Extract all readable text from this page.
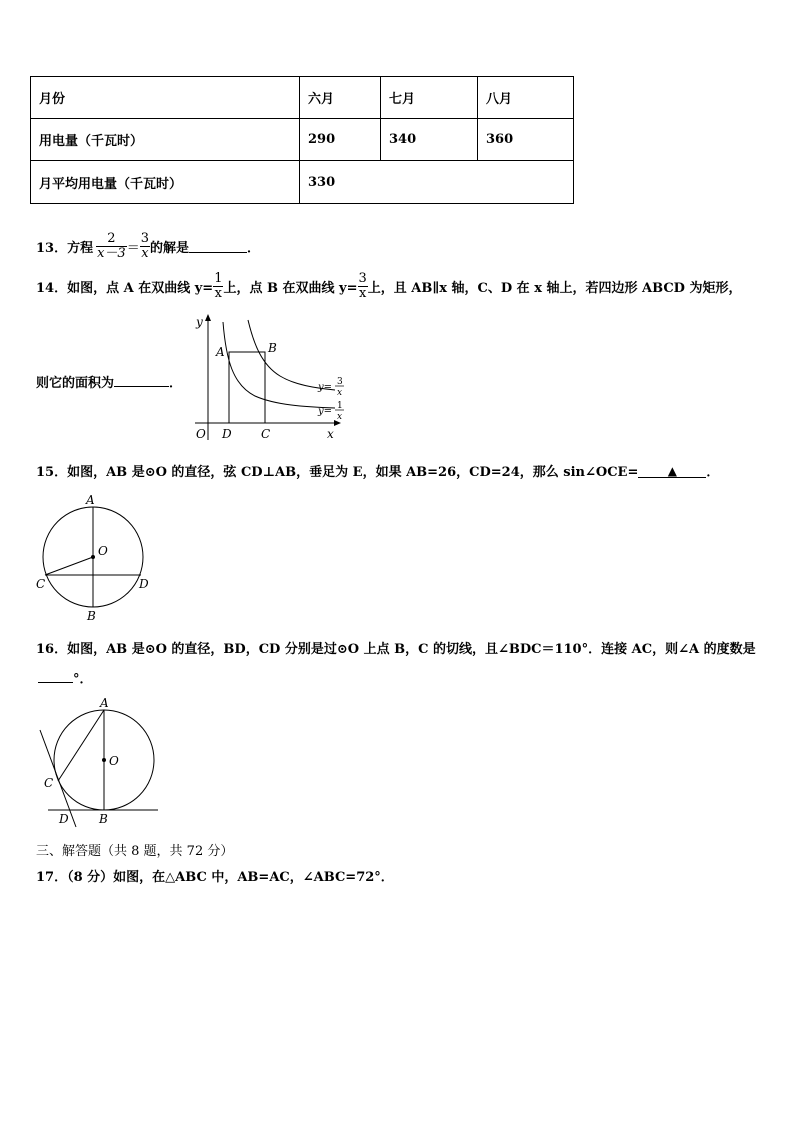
月份	六月	七月	八月
用电量（千瓦时）	290	340	360
月平均用电量（千瓦时）	330
13．方程 $\frac{2}{x-3} = \frac{3}{x}$ 的解是	．
14．如图，点 A 在双曲线 $y= \frac{1}{x}$ 上，点 B 在双曲线 $y= \frac{3}{x}$ 上，且 AB∥x 轴，C、D 在 x 轴上，若四边形 ABCD 为矩形，
则它的面积为	．
y
x
O
A	B
D C
y= 3
x
y= 1
x
15．如图，AB 是⊙O 的直径，弦 CD⊥AB，垂足为 E，如果 AB=26，CD=24，那么 sin∠OCE= ▲ ．
A
B
C	D
O
16．如图，AB 是⊙O 的直径，BD，CD 分别是过⊙O 上点 B，C 的切线，且∠BDC＝110°．连接 AC，则∠A 的度数是
°．
A
O
C
D	B
三、解答题（共 8 题，共 72 分）
17．（8 分）如图，在△ABC 中，AB=AC，∠ABC=72°．
